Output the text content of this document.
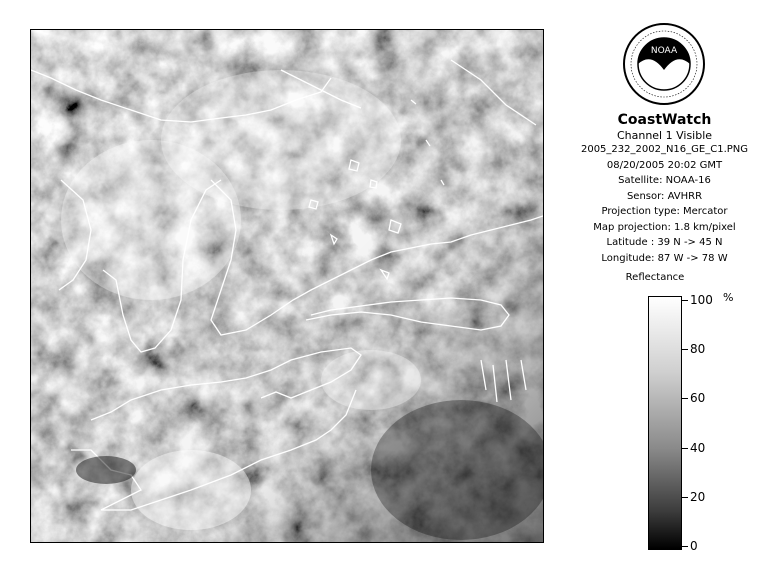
NOAA
CoastWatch
Channel 1 Visible
2005_232_2002_N16_GE_C1.PNG
08/20/2005 20:02 GMT
Satellite: NOAA-16
Sensor: AVHRR
Projection type: Mercator
Map projection: 1.8 km/pixel
Latitude : 39 N -> 45 N
Longitude: 87 W -> 78 W
Reflectance
%
100
80
60
40
20
0
